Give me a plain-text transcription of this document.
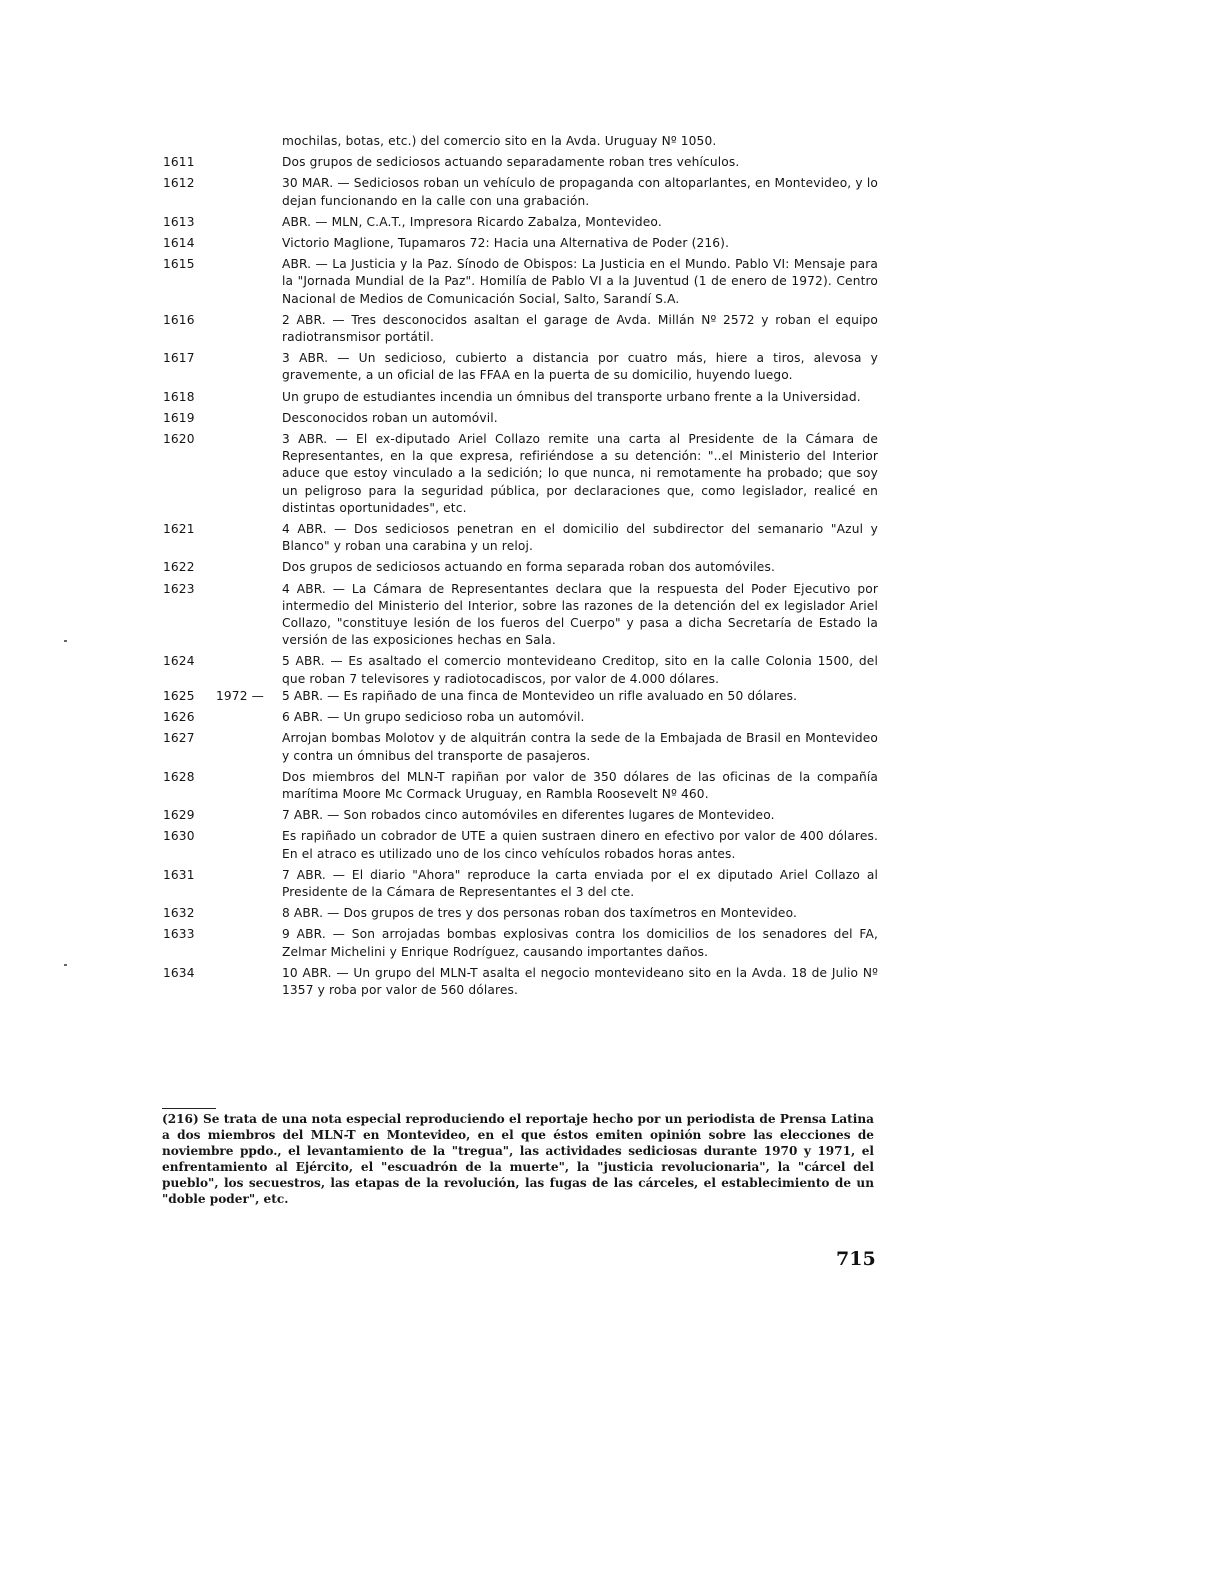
mochilas, botas, etc.) del comercio sito en la Avda. Uruguay Nº 1050.
1611	Dos grupos de sediciosos actuando separadamente roban tres vehículos.
1612	30 MAR. — Sediciosos roban un vehículo de propaganda con altoparlantes, en Montevideo, y lo dejan funcionando en la calle con una grabación.
1613	ABR. — MLN, C.A.T., Impresora Ricardo Zabalza, Montevideo.
1614	Victorio Maglione, Tupamaros 72: Hacia una Alternativa de Poder (216).
1615	ABR. — La Justicia y la Paz. Sínodo de Obispos: La Justicia en el Mundo. Pablo VI: Mensaje para la "Jornada Mundial de la Paz". Homilía de Pablo VI a la Juventud (1 de enero de 1972). Centro Nacional de Medios de Comunicación Social, Salto, Sarandí S.A.
1616	2 ABR. — Tres desconocidos asaltan el garage de Avda. Millán Nº 2572 y roban el equipo radiotransmisor portátil.
1617	3 ABR. — Un sedicioso, cubierto a distancia por cuatro más, hiere a tiros, alevosa y gravemente, a un oficial de las FFAA en la puerta de su domicilio, huyendo luego.
1618	Un grupo de estudiantes incendia un ómnibus del transporte urbano frente a la Universidad.
1619	Desconocidos roban un automóvil.
1620	3 ABR. — El ex-diputado Ariel Collazo remite una carta al Presidente de la Cámara de Representantes, en la que expresa, refiriéndose a su detención: "..el Ministerio del Interior aduce que estoy vinculado a la sedición; lo que nunca, ni remotamente ha probado; que soy un peligroso para la seguridad pública, por declaraciones que, como legislador, realicé en distintas oportunidades", etc.
1621	4 ABR. — Dos sediciosos penetran en el domicilio del subdirector del semanario "Azul y Blanco" y roban una carabina y un reloj.
1622	Dos grupos de sediciosos actuando en forma separada roban dos automóviles.
1623	4 ABR. — La Cámara de Representantes declara que la respuesta del Poder Ejecutivo por intermedio del Ministerio del Interior, sobre las razones de la detención del ex legislador Ariel Collazo, "constituye lesión de los fueros del Cuerpo" y pasa a dicha Secretaría de Estado la versión de las exposiciones hechas en Sala.
1624	5 ABR. — Es asaltado el comercio montevideano Creditop, sito en la calle Colonia 1500, del que roban 7 televisores y radiotocadiscos, por valor de 4.000 dólares.
1625	1972 —	5 ABR. — Es rapiñado de una finca de Montevideo un rifle avaluado en 50 dólares.
1626	6 ABR. — Un grupo sedicioso roba un automóvil.
1627	Arrojan bombas Molotov y de alquitrán contra la sede de la Embajada de Brasil en Montevideo y contra un ómnibus del transporte de pasajeros.
1628	Dos miembros del MLN-T rapiñan por valor de 350 dólares de las oficinas de la compañía marítima Moore Mc Cormack Uruguay, en Rambla Roosevelt Nº 460.
1629	7 ABR. — Son robados cinco automóviles en diferentes lugares de Montevideo.
1630	Es rapiñado un cobrador de UTE a quien sustraen dinero en efectivo por valor de 400 dólares. En el atraco es utilizado uno de los cinco vehículos robados horas antes.
1631	7 ABR. — El diario "Ahora" reproduce la carta enviada por el ex diputado Ariel Collazo al Presidente de la Cámara de Representantes el 3 del cte.
1632	8 ABR. — Dos grupos de tres y dos personas roban dos taxímetros en Montevideo.
1633	9 ABR. — Son arrojadas bombas explosivas contra los domicilios de los senadores del FA, Zelmar Michelini y Enrique Rodríguez, causando importantes daños.
1634	10 ABR. — Un grupo del MLN-T asalta el negocio montevideano sito en la Avda. 18 de Julio Nº 1357 y roba por valor de 560 dólares.
(216) Se trata de una nota especial reproduciendo el reportaje hecho por un periodista de Prensa Latina a dos miembros del MLN-T en Montevideo, en el que éstos emiten opinión sobre las elecciones de noviembre ppdo., el levantamiento de la "tregua", las actividades sediciosas durante 1970 y 1971, el enfrentamiento al Ejército, el "escuadrón de la muerte", la "justicia revolucionaria", la "cárcel del pueblo", los secuestros, las etapas de la revolución, las fugas de las cárceles, el establecimiento de un "doble poder", etc.
715
